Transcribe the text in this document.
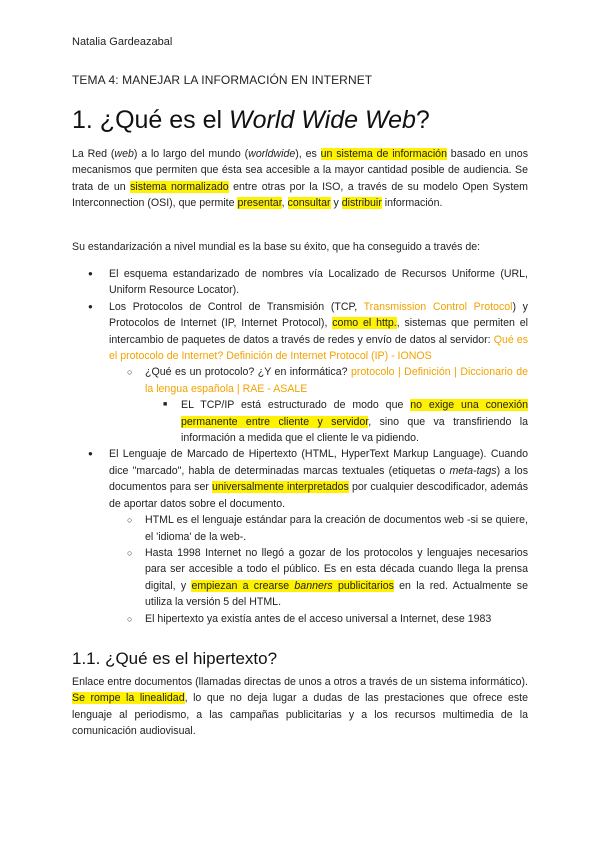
Natalia Gardeazabal
TEMA 4: MANEJAR LA INFORMACIÓN EN INTERNET
1. ¿Qué es el World Wide Web?

La Red (web) a lo largo del mundo (worldwide), es un sistema de información basado en unos mecanismos que permiten que ésta sea accesible a la mayor cantidad posible de audiencia. Se trata de un sistema normalizado entre otras por la ISO, a través de su modelo Open System Interconnection (OSI), que permite presentar, consultar y distribuir información.

Su estandarización a nivel mundial es la base su éxito, que ha conseguido a través de:

● El esquema estandarizado de nombres vía Localizado de Recursos Uniforme (URL, Uniform Resource Locator).
● Los Protocolos de Control de Transmisión (TCP, Transmission Control Protocol) y Protocolos de Internet (IP, Internet Protocol), como el http., sistemas que permiten el intercambio de paquetes de datos a través de redes y envío de datos al servidor: Qué es el protocolo de Internet? Definición de Internet Protocol (IP) - IONOS
○ ¿Qué es un protocolo? ¿Y en informática? protocolo | Definición | Diccionario de la lengua española | RAE - ASALE
■ EL TCP/IP está estructurado de modo que no exige una conexión permanente entre cliente y servidor, sino que va transfiriendo la información a medida que el cliente le va pidiendo.
● El Lenguaje de Marcado de Hipertexto (HTML, HyperText Markup Language). Cuando dice "marcado", habla de determinadas marcas textuales (etiquetas o meta-tags) a los documentos para ser universalmente interpretados por cualquier descodificador, además de aportar datos sobre el documento.
○ HTML es el lenguaje estándar para la creación de documentos web -si se quiere, el 'idioma' de la web-.
○ Hasta 1998 Internet no llegó a gozar de los protocolos y lenguajes necesarios para ser accesible a todo el público. Es en esta década cuando llega la prensa digital, y empiezan a crearse banners publicitarios en la red. Actualmente se utiliza la versión 5 del HTML.
○ El hipertexto ya existía antes de el acceso universal a Internet, dese 1983
1.1. ¿Qué es el hipertexto?

Enlace entre documentos (llamadas directas de unos a otros a través de un sistema informático). Se rompe la linealidad, lo que no deja lugar a dudas de las prestaciones que ofrece este lenguaje al periodismo, a las campañas publicitarias y a los recursos multimedia de la comunicación audiovisual.
